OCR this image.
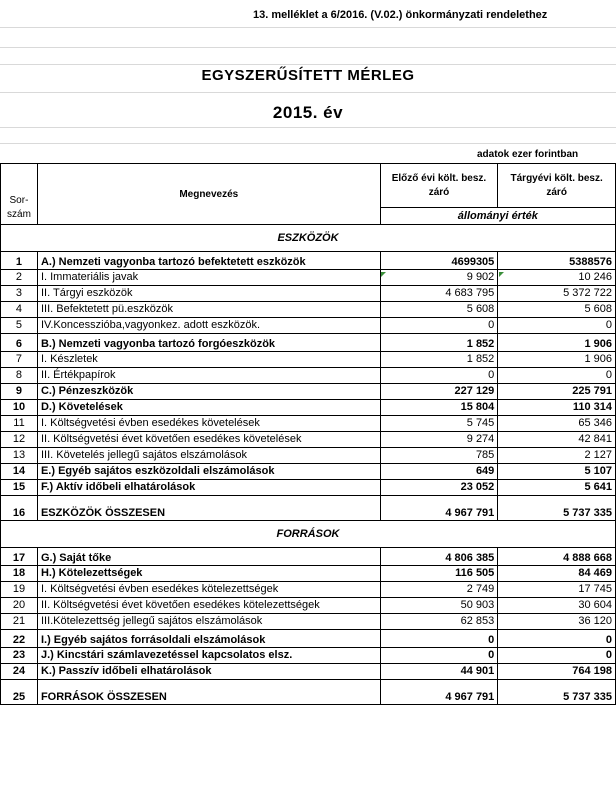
13. melléklet a 6/2016. (V.02.) önkormányzati rendelethez
EGYSZERŰSÍTETT MÉRLEG
2015. év
adatok ezer forintban
Sor-
szám	Megnevezés	Előző évi költ. besz. záró	Tárgyévi költ. besz. záró
		állományi érték	
ESZKÖZÖK			
1	A.) Nemzeti vagyonba tartozó befektetett eszközök	4699305	5388576
2	I. Immateriális javak	9 902	10 246
3	II. Tárgyi eszközök	4 683 795	5 372 722
4	III. Befektetett pü.eszközök	5 608	5 608
5	IV.Koncesszióba,vagyonkez. adott eszközök.	0	0
6	B.) Nemzeti vagyonba tartozó forgóeszközök	1 852	1 906
7	I. Készletek	1 852	1 906
8	II. Értékpapírok	0	0
9	C.) Pénzeszközök	227 129	225 791
10	D.) Követelések	15 804	110 314
11	I. Költségvetési évben esedékes követelések	5 745	65 346
12	II. Költségvetési évet követően esedékes követelések	9 274	42 841
13	III. Követelés jellegű sajátos elszámolások	785	2 127
14	E.) Egyéb sajátos eszközoldali elszámolások	649	5 107
15	F.) Aktív időbeli elhatárolások	23 052	5 641
16	ESZKÖZÖK ÖSSZESEN	4 967 791	5 737 335
FORRÁSOK			
17	G.) Saját tőke	4 806 385	4 888 668
18	H.) Kötelezettségek	116 505	84 469
19	I. Költségvetési évben esedékes kötelezettségek	2 749	17 745
20	II. Költségvetési évet követően esedékes kötelezettségek	50 903	30 604
21	III.Kötelezettség jellegű sajátos elszámolások	62 853	36 120
22	I.) Egyéb sajátos forrásoldali elszámolások	0	0
23	J.) Kincstári számlavezetéssel kapcsolatos elsz.	0	0
24	K.) Passzív időbeli elhatárolások	44 901	764 198
25	FORRÁSOK ÖSSZESEN	4 967 791	5 737 335
